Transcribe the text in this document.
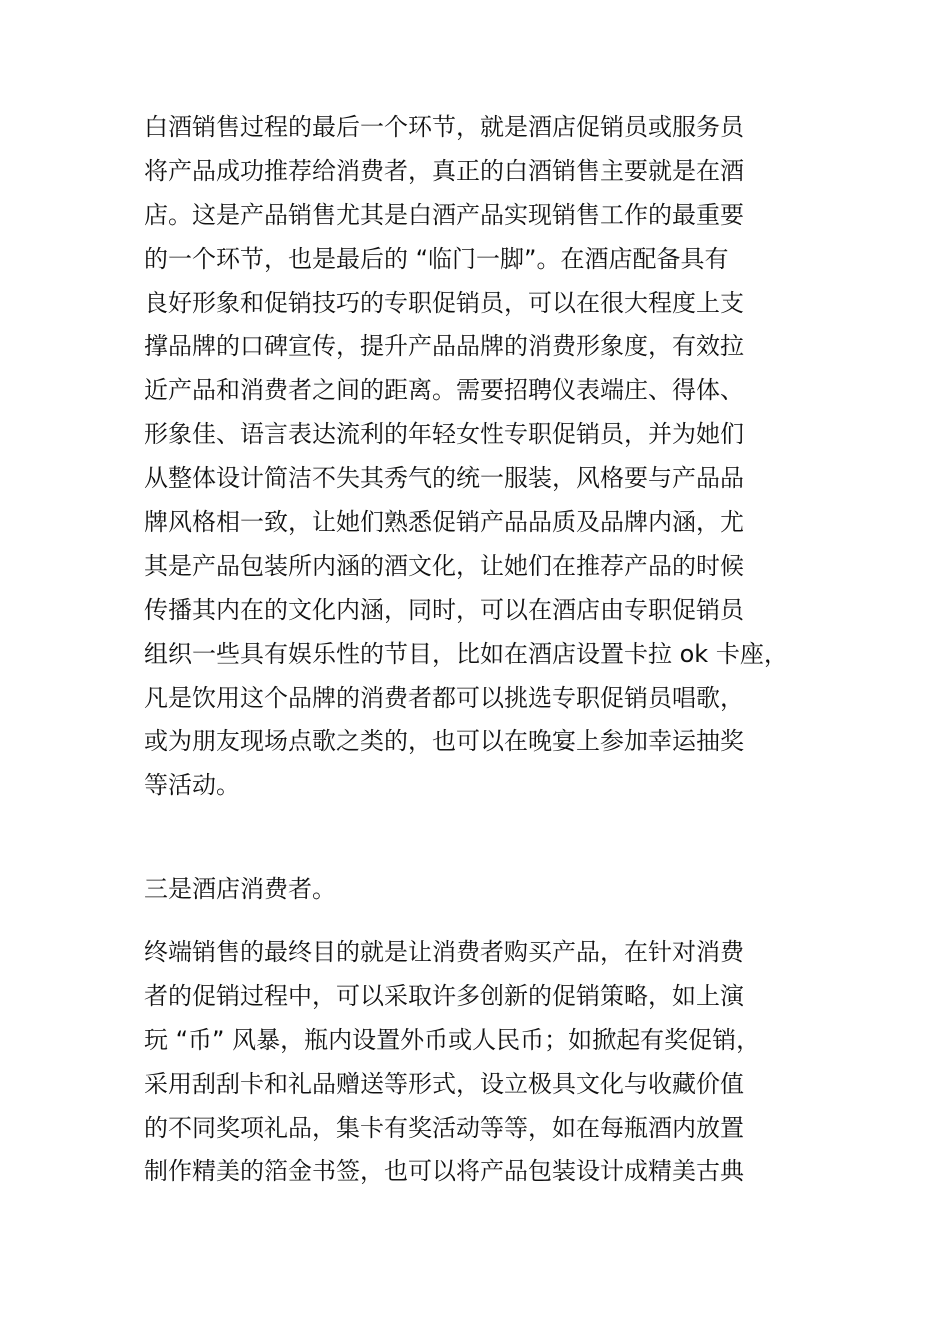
白酒销售过程的最后一个环节，就是酒店促销员或服务员
将产品成功推荐给消费者，真正的白酒销售主要就是在酒
店。这是产品销售尤其是白酒产品实现销售工作的最重要
的一个环节，也是最后的 “临门一脚”。在酒店配备具有
良好形象和促销技巧的专职促销员，可以在很大程度上支
撑品牌的口碑宣传，提升产品品牌的消费形象度，有效拉
近产品和消费者之间的距离。需要招聘仪表端庄、得体、
形象佳、语言表达流利的年轻女性专职促销员，并为她们
从整体设计简洁不失其秀气的统一服装，风格要与产品品
牌风格相一致，让她们熟悉促销产品品质及品牌内涵，尤
其是产品包装所内涵的酒文化，让她们在推荐产品的时候
传播其内在的文化内涵，同时，可以在酒店由专职促销员
组织一些具有娱乐性的节目，比如在酒店设置卡拉 ok 卡座，
凡是饮用这个品牌的消费者都可以挑选专职促销员唱歌，
或为朋友现场点歌之类的，也可以在晚宴上参加幸运抽奖
等活动。
三是酒店消费者。
终端销售的最终目的就是让消费者购买产品，在针对消费
者的促销过程中，可以采取许多创新的促销策略，如上演
玩 “币” 风暴，瓶内设置外币或人民币；如掀起有奖促销，
采用刮刮卡和礼品赠送等形式，设立极具文化与收藏价值
的不同奖项礼品，集卡有奖活动等等，如在每瓶酒内放置
制作精美的箔金书签，也可以将产品包装设计成精美古典
